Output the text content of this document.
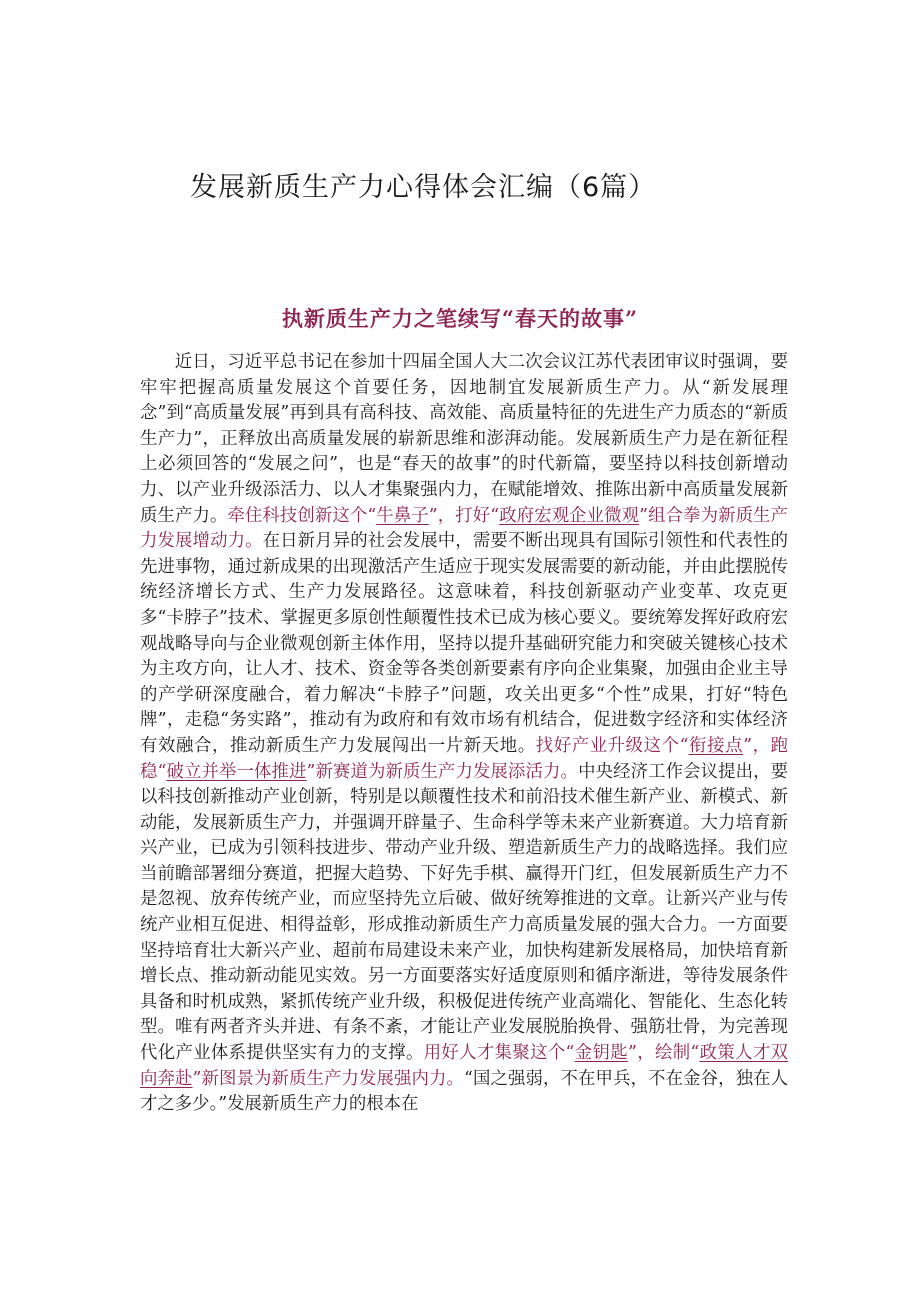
发展新质生产力心得体会汇编（6篇）
执新质生产力之笔续写“春天的故事”

近日，习近平总书记在参加十四届全国人大二次会议江苏代表团审议时强调，要牢牢把握高质量发展这个首要任务，因地制宜发展新质生产力。从“新发展理念”到“高质量发展”再到具有高科技、高效能、高质量特征的先进生产力质态的“新质生产力”，正释放出高质量发展的崭新思维和澎湃动能。发展新质生产力是在新征程上必须回答的“发展之问”，也是“春天的故事”的时代新篇，要坚持以科技创新增动力、以产业升级添活力、以人才集聚强内力，在赋能增效、推陈出新中高质量发展新质生产力。牵住科技创新这个“牛鼻子”，打好“政府宏观企业微观”组合拳为新质生产力发展增动力。在日新月异的社会发展中，需要不断出现具有国际引领性和代表性的先进事物，通过新成果的出现激活产生适应于现实发展需要的新动能，并由此摆脱传统经济增长方式、生产力发展路径。这意味着，科技创新驱动产业变革、攻克更多“卡脖子”技术、掌握更多原创性颠覆性技术已成为核心要义。要统筹发挥好政府宏观战略导向与企业微观创新主体作用，坚持以提升基础研究能力和突破关键核心技术为主攻方向，让人才、技术、资金等各类创新要素有序向企业集聚，加强由企业主导的产学研深度融合，着力解决“卡脖子”问题，攻关出更多“个性”成果，打好“特色牌”，走稳“务实路”，推动有为政府和有效市场有机结合，促进数字经济和实体经济有效融合，推动新质生产力发展闯出一片新天地。找好产业升级这个“衔接点”，跑稳“破立并举一体推进”新赛道为新质生产力发展添活力。中央经济工作会议提出，要以科技创新推动产业创新，特别是以颠覆性技术和前沿技术催生新产业、新模式、新动能，发展新质生产力，并强调开辟量子、生命科学等未来产业新赛道。大力培育新兴产业，已成为引领科技进步、带动产业升级、塑造新质生产力的战略选择。我们应当前瞻部署细分赛道，把握大趋势、下好先手棋、赢得开门红，但发展新质生产力不是忽视、放弃传统产业，而应坚持先立后破、做好统筹推进的文章。让新兴产业与传统产业相互促进、相得益彰，形成推动新质生产力高质量发展的强大合力。一方面要坚持培育壮大新兴产业、超前布局建设未来产业，加快构建新发展格局，加快培育新增长点、推动新动能见实效。另一方面要落实好适度原则和循序渐进，等待发展条件具备和时机成熟，紧抓传统产业升级，积极促进传统产业高端化、智能化、生态化转型。唯有两者齐头并进、有条不紊，才能让产业发展脱胎换骨、强筋壮骨，为完善现代化产业体系提供坚实有力的支撑。用好人才集聚这个“金钥匙”，绘制“政策人才双向奔赴”新图景为新质生产力发展强内力。“国之强弱，不在甲兵，不在金谷，独在人才之多少。”发展新质生产力的根本在
